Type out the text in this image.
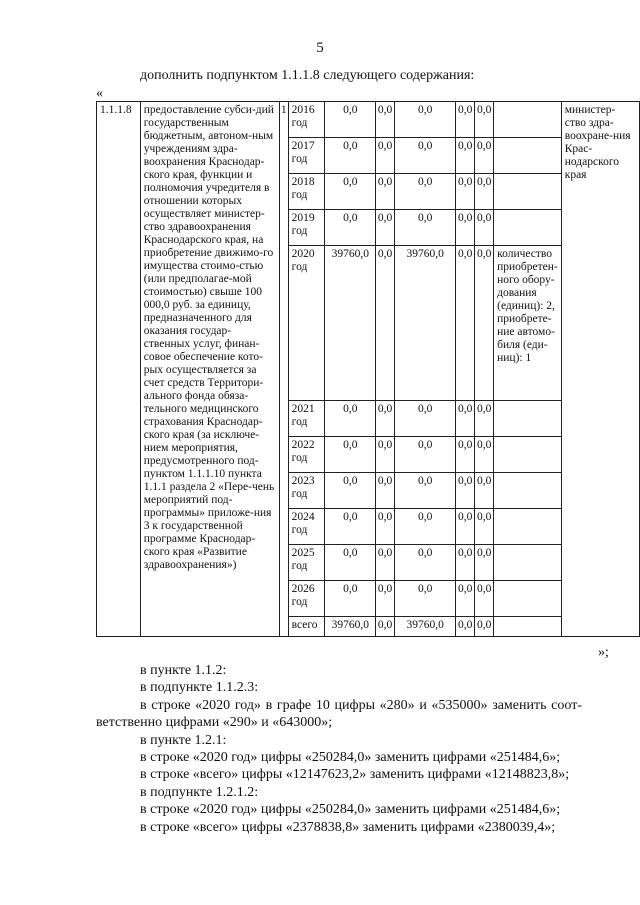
5
дополнить подпунктом 1.1.1.8 следующего содержания:
«
1.1.1.8	предоставление субси-дий государственным бюджетным, автоном-ным учреждениям здра-воохранения Краснодар-ского края, функции и полномочия учредителя в отношении которых осуществляет министер-ство здравоохранения Краснодарского края, на приобретение движимо-го имущества стоимо-стью (или предполагае-мой стоимостью) свыше 100 000,0 руб. за единицу, предназначенного для оказания государ-ственных услуг, финан-совое обеспечение кото-рых осуществляется за счет средств Территори-ального фонда обяза-тельного медицинского страхования Краснодар-ского края (за исключе-нием мероприятия, предусмотренного под-пунктом 1.1.1.10 пункта 1.1.1 раздела 2 «Пере-чень мероприятий под-программы» приложе-ния 3 к государственной программе Краснодар-ского края «Развитие здравоохранения»)	1	2016 год	0,0	0,0	0,0	0,0	0,0		министер-ство здра-воохране-ния Крас-нодарского края
			2017 год	0,0	0,0	0,0	0,0	0,0		
			2018 год	0,0	0,0	0,0	0,0	0,0		
			2019 год	0,0	0,0	0,0	0,0	0,0		
			2020 год	39760,0	0,0	39760,0	0,0	0,0	количество приобретен-ного обору-дования (единиц): 2, приобрете-ние автомо-биля (еди-ниц): 1	
			2021 год	0,0	0,0	0,0	0,0	0,0		
			2022 год	0,0	0,0	0,0	0,0	0,0		
			2023 год	0,0	0,0	0,0	0,0	0,0		
			2024 год	0,0	0,0	0,0	0,0	0,0		
			2025 год	0,0	0,0	0,0	0,0	0,0		
			2026 год	0,0	0,0	0,0	0,0	0,0		
			всего	39760,0	0,0	39760,0	0,0	0,0		
»;
в пункте 1.1.2:
в подпункте 1.1.2.3:
в строке «2020 год» в графе 10 цифры «280» и «535000» заменить соот-
ветственно цифрами «290» и «643000»;
в пункте 1.2.1:
в строке «2020 год» цифры «250284,0» заменить цифрами «251484,6»;
в строке «всего» цифры «12147623,2» заменить цифрами «12148823,8»;
в подпункте 1.2.1.2:
в строке «2020 год» цифры «250284,0» заменить цифрами «251484,6»;
в строке «всего» цифры «2378838,8» заменить цифрами «2380039,4»;
